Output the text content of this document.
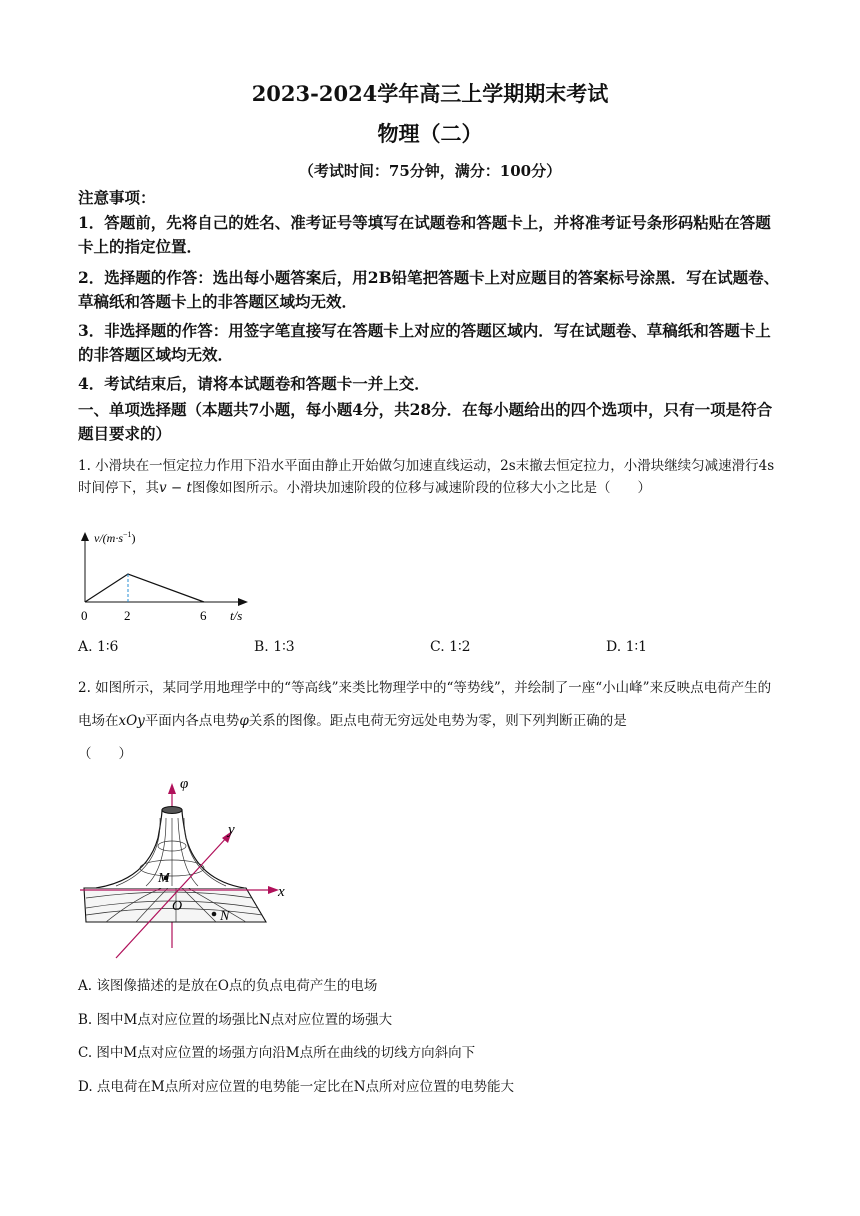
2023-2024学年高三上学期期末考试
物理（二）
（考试时间：75分钟，满分：100分）
注意事项：
1．答题前，先将自己的姓名、准考证号等填写在试题卷和答题卡上，并将准考证号条形码粘贴在答题卡上的指定位置．
2．选择题的作答：选出每小题答案后，用2B铅笔把答题卡上对应题目的答案标号涂黑．写在试题卷、草稿纸和答题卡上的非答题区域均无效．
3．非选择题的作答：用签字笔直接写在答题卡上对应的答题区域内．写在试题卷、草稿纸和答题卡上的非答题区域均无效．
4．考试结束后，请将本试题卷和答题卡一并上交．
一、单项选择题（本题共7小题，每小题4分，共28分．在每小题给出的四个选项中，只有一项是符合题目要求的）
1. 小滑块在一恒定拉力作用下沿水平面由静止开始做匀加速直线运动，2s末撤去恒定拉力，小滑块继续匀减速滑行4s时间停下，其v − t图像如图所示。小滑块加速阶段的位移与减速阶段的位移大小之比是（　　）
$v/(m\cdot s^{-1})$
0	2	6 t/s
A. 1∶6	B. 1∶3	C. 1∶2	D. 1∶1
2. 如图所示，某同学用地理学中的“等高线”来类比物理学中的“等势线”，并绘制了一座“小山峰”来反映点电荷产生的电场在xOy平面内各点电势φ关系的图像。距点电荷无穷远处电势为零，则下列判断正确的是
（　　）
φ
y
x
O
M
N
A. 该图像描述的是放在O点的负点电荷产生的电场
B. 图中M点对应位置的场强比N点对应位置的场强大
C. 图中M点对应位置的场强方向沿M点所在曲线的切线方向斜向下
D. 点电荷在M点所对应位置的电势能一定比在N点所对应位置的电势能大
